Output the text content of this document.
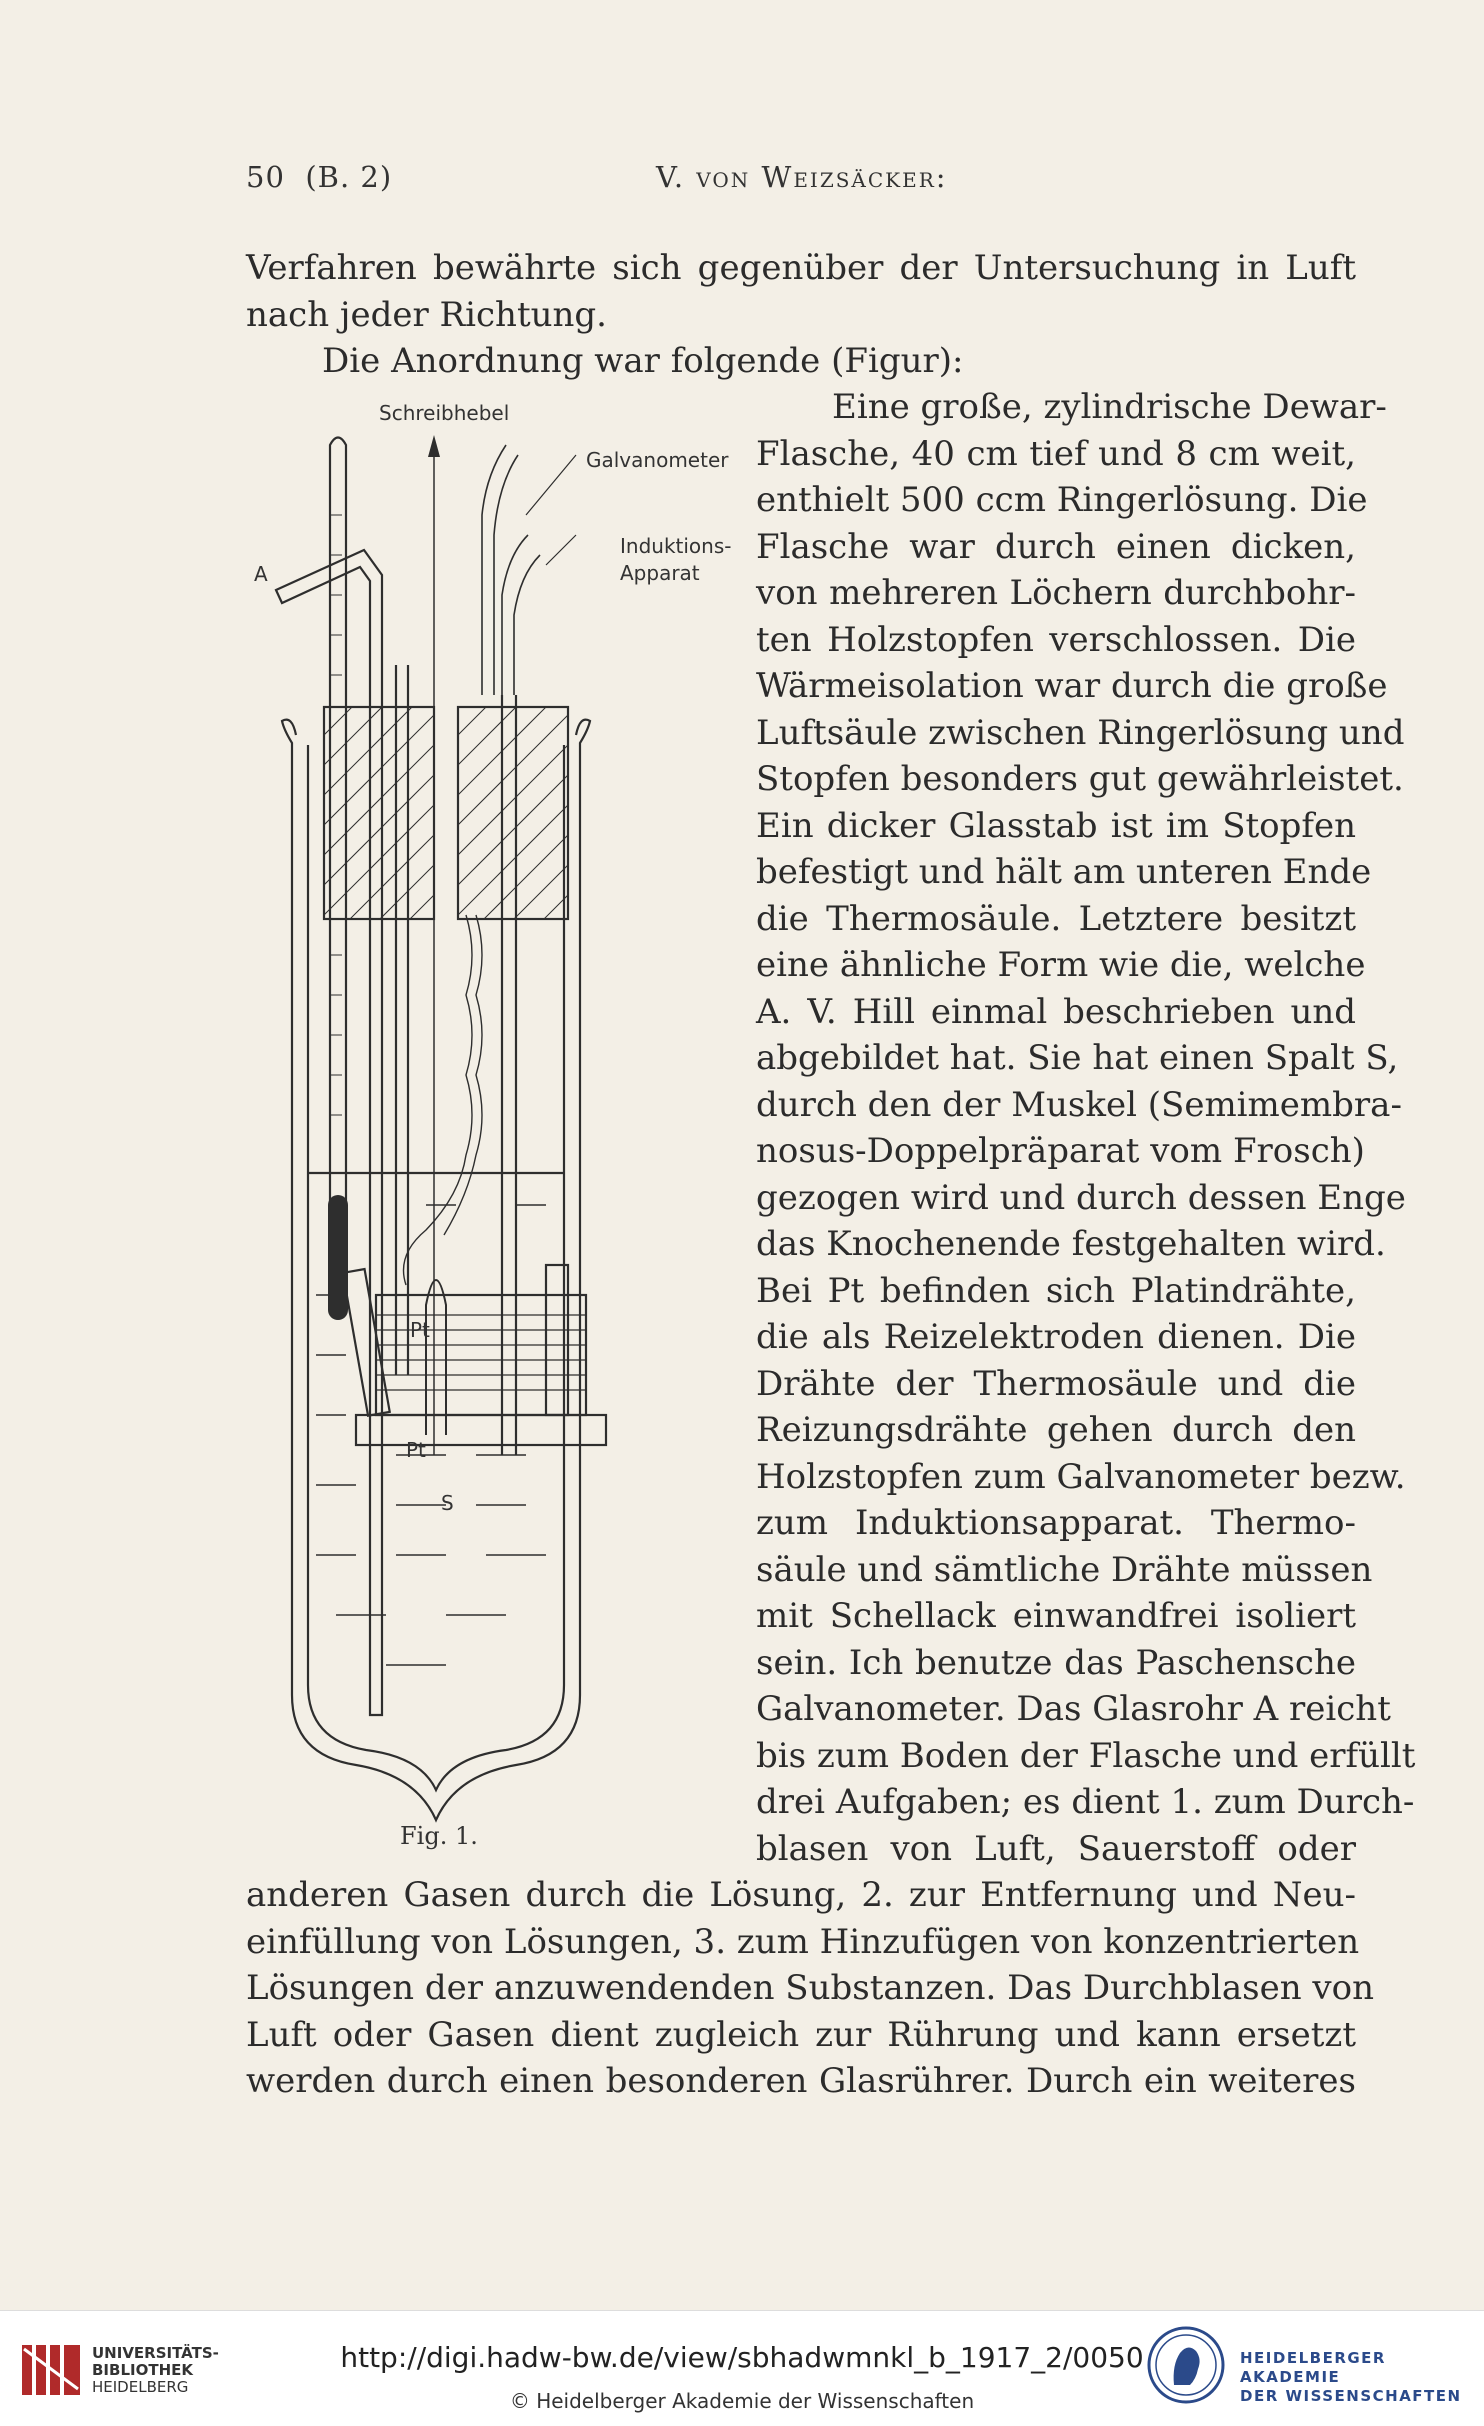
50 (B. 2)	V. von Weizsäcker:
Verfahren bewährte sich gegenüber der Untersuchung in Luft
nach jeder Richtung.
Die Anordnung war folgende (Figur):
Schreibhebel
Galvanometer
Induktions-
Apparat
A
Pt
Pt
S
Fig. 1.
Eine große, zylindrische Dewar-
Flasche, 40 cm tief und 8 cm weit,
enthielt 500 ccm Ringerlösung. Die
Flasche war durch einen dicken,
von mehreren Löchern durchbohr-
ten Holzstopfen verschlossen. Die
Wärmeisolation war durch die große
Luftsäule zwischen Ringerlösung und
Stopfen besonders gut gewährleistet.
Ein dicker Glasstab ist im Stopfen
befestigt und hält am unteren Ende
die Thermosäule. Letztere besitzt
eine ähnliche Form wie die, welche
A. V. Hill einmal beschrieben und
abgebildet hat. Sie hat einen Spalt S,
durch den der Muskel (Semimembra-
nosus-Doppelpräparat vom Frosch)
gezogen wird und durch dessen Enge
das Knochenende festgehalten wird.
Bei Pt befinden sich Platindrähte,
die als Reizelektroden dienen. Die
Drähte der Thermosäule und die
Reizungsdrähte gehen durch den
Holzstopfen zum Galvanometer bezw.
zum Induktionsapparat. Thermo-
säule und sämtliche Drähte müssen
mit Schellack einwandfrei isoliert
sein. Ich benutze das Paschensche
Galvanometer. Das Glasrohr A reicht
bis zum Boden der Flasche und erfüllt
drei Aufgaben; es dient 1. zum Durch-
blasen von Luft, Sauerstoff oder
anderen Gasen durch die Lösung, 2. zur Entfernung und Neu-
einfüllung von Lösungen, 3. zum Hinzufügen von konzentrierten
Lösungen der anzuwendenden Substanzen. Das Durchblasen von
Luft oder Gasen dient zugleich zur Rührung und kann ersetzt
werden durch einen besonderen Glasrührer. Durch ein weiteres
UNIVERSITÄTS-
BIBLIOTHEK
HEIDELBERG
http://digi.hadw-bw.de/view/sbhadwmnkl_b_1917_2/0050
© Heidelberger Akademie der Wissenschaften
HEIDELBERGER AKADEMIE
DER WISSENSCHAFTEN
